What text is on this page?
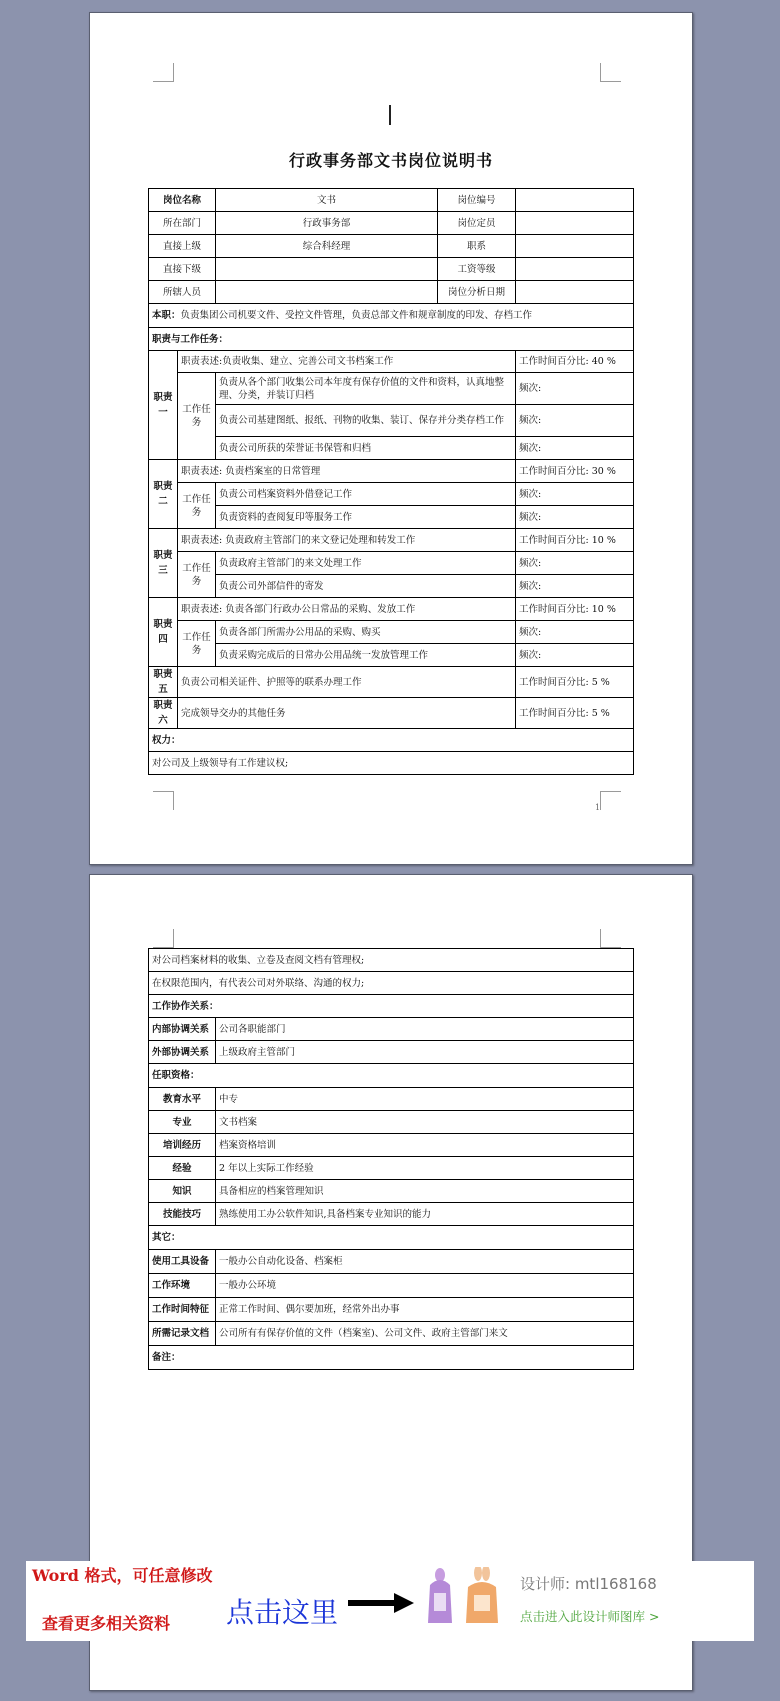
行政事务部文书岗位说明书
岗位名称		文书	岗位编号	
所在部门		行政事务部	岗位定员	
直接上级		综合科经理	职系	
直接下级			工资等级	
所辖人员			岗位分析日期	
本职：负责集团公司机要文件、受控文件管理，负责总部文件和规章制度的印发、存档工作				
职责与工作任务：				
职责一	职责表述:负责收集、建立、完善公司文书档案工作			工作时间百分比: 40 %
	工作任务	负责从各个部门收集公司本年度有保存价值的文件和资料，认真地整理、分类，并装订归档		频次:
		负责公司基建图纸、报纸、刊物的收集、装订、保存并分类存档工作		频次:
		负责公司所获的荣誉证书保管和归档		频次:
职责二	职责表述: 负责档案室的日常管理			工作时间百分比: 30 %
	工作任务	负责公司档案资料外借登记工作		频次:
		负责资料的查阅复印等服务工作		频次:
职责三	职责表述: 负责政府主管部门的来文登记处理和转发工作			工作时间百分比: 10 %
	工作任务	负责政府主管部门的来文处理工作		频次:
		负责公司外部信件的寄发		频次:
职责四	职责表述: 负责各部门行政办公日常品的采购、发放工作			工作时间百分比: 10 %
	工作任务	负责各部门所需办公用品的采购、购买		频次:
		负责采购完成后的日常办公用品统一发放管理工作		频次:
职责五	负责公司相关证件、护照等的联系办理工作			工作时间百分比: 5 %
职责六	完成领导交办的其他任务			工作时间百分比: 5 %
权力：				
对公司及上级领导有工作建议权;				
1
对公司档案材料的收集、立卷及查阅文档有管理权;	
在权限范围内，有代表公司对外联络、沟通的权力;	
工作协作关系：	
内部协调关系	公司各职能部门
外部协调关系	上级政府主管部门
任职资格：	
教育水平	中专
专业	文书档案
培训经历	档案资格培训
经验	2 年以上实际工作经验
知识	具备相应的档案管理知识
技能技巧	熟练使用工办公软件知识,具备档案专业知识的能力
其它：	
使用工具设备	一般办公自动化设备、档案柜
工作环境	一般办公环境
工作时间特征	正常工作时间、偶尔要加班，经常外出办事
所需记录文档	公司所有有保存价值的文件（档案室)、公司文件、政府主管部门来文
备注：	
Word 格式，可任意修改
查看更多相关资料 点击这里
设计师: mtl168168
点击进入此设计师图库 >
